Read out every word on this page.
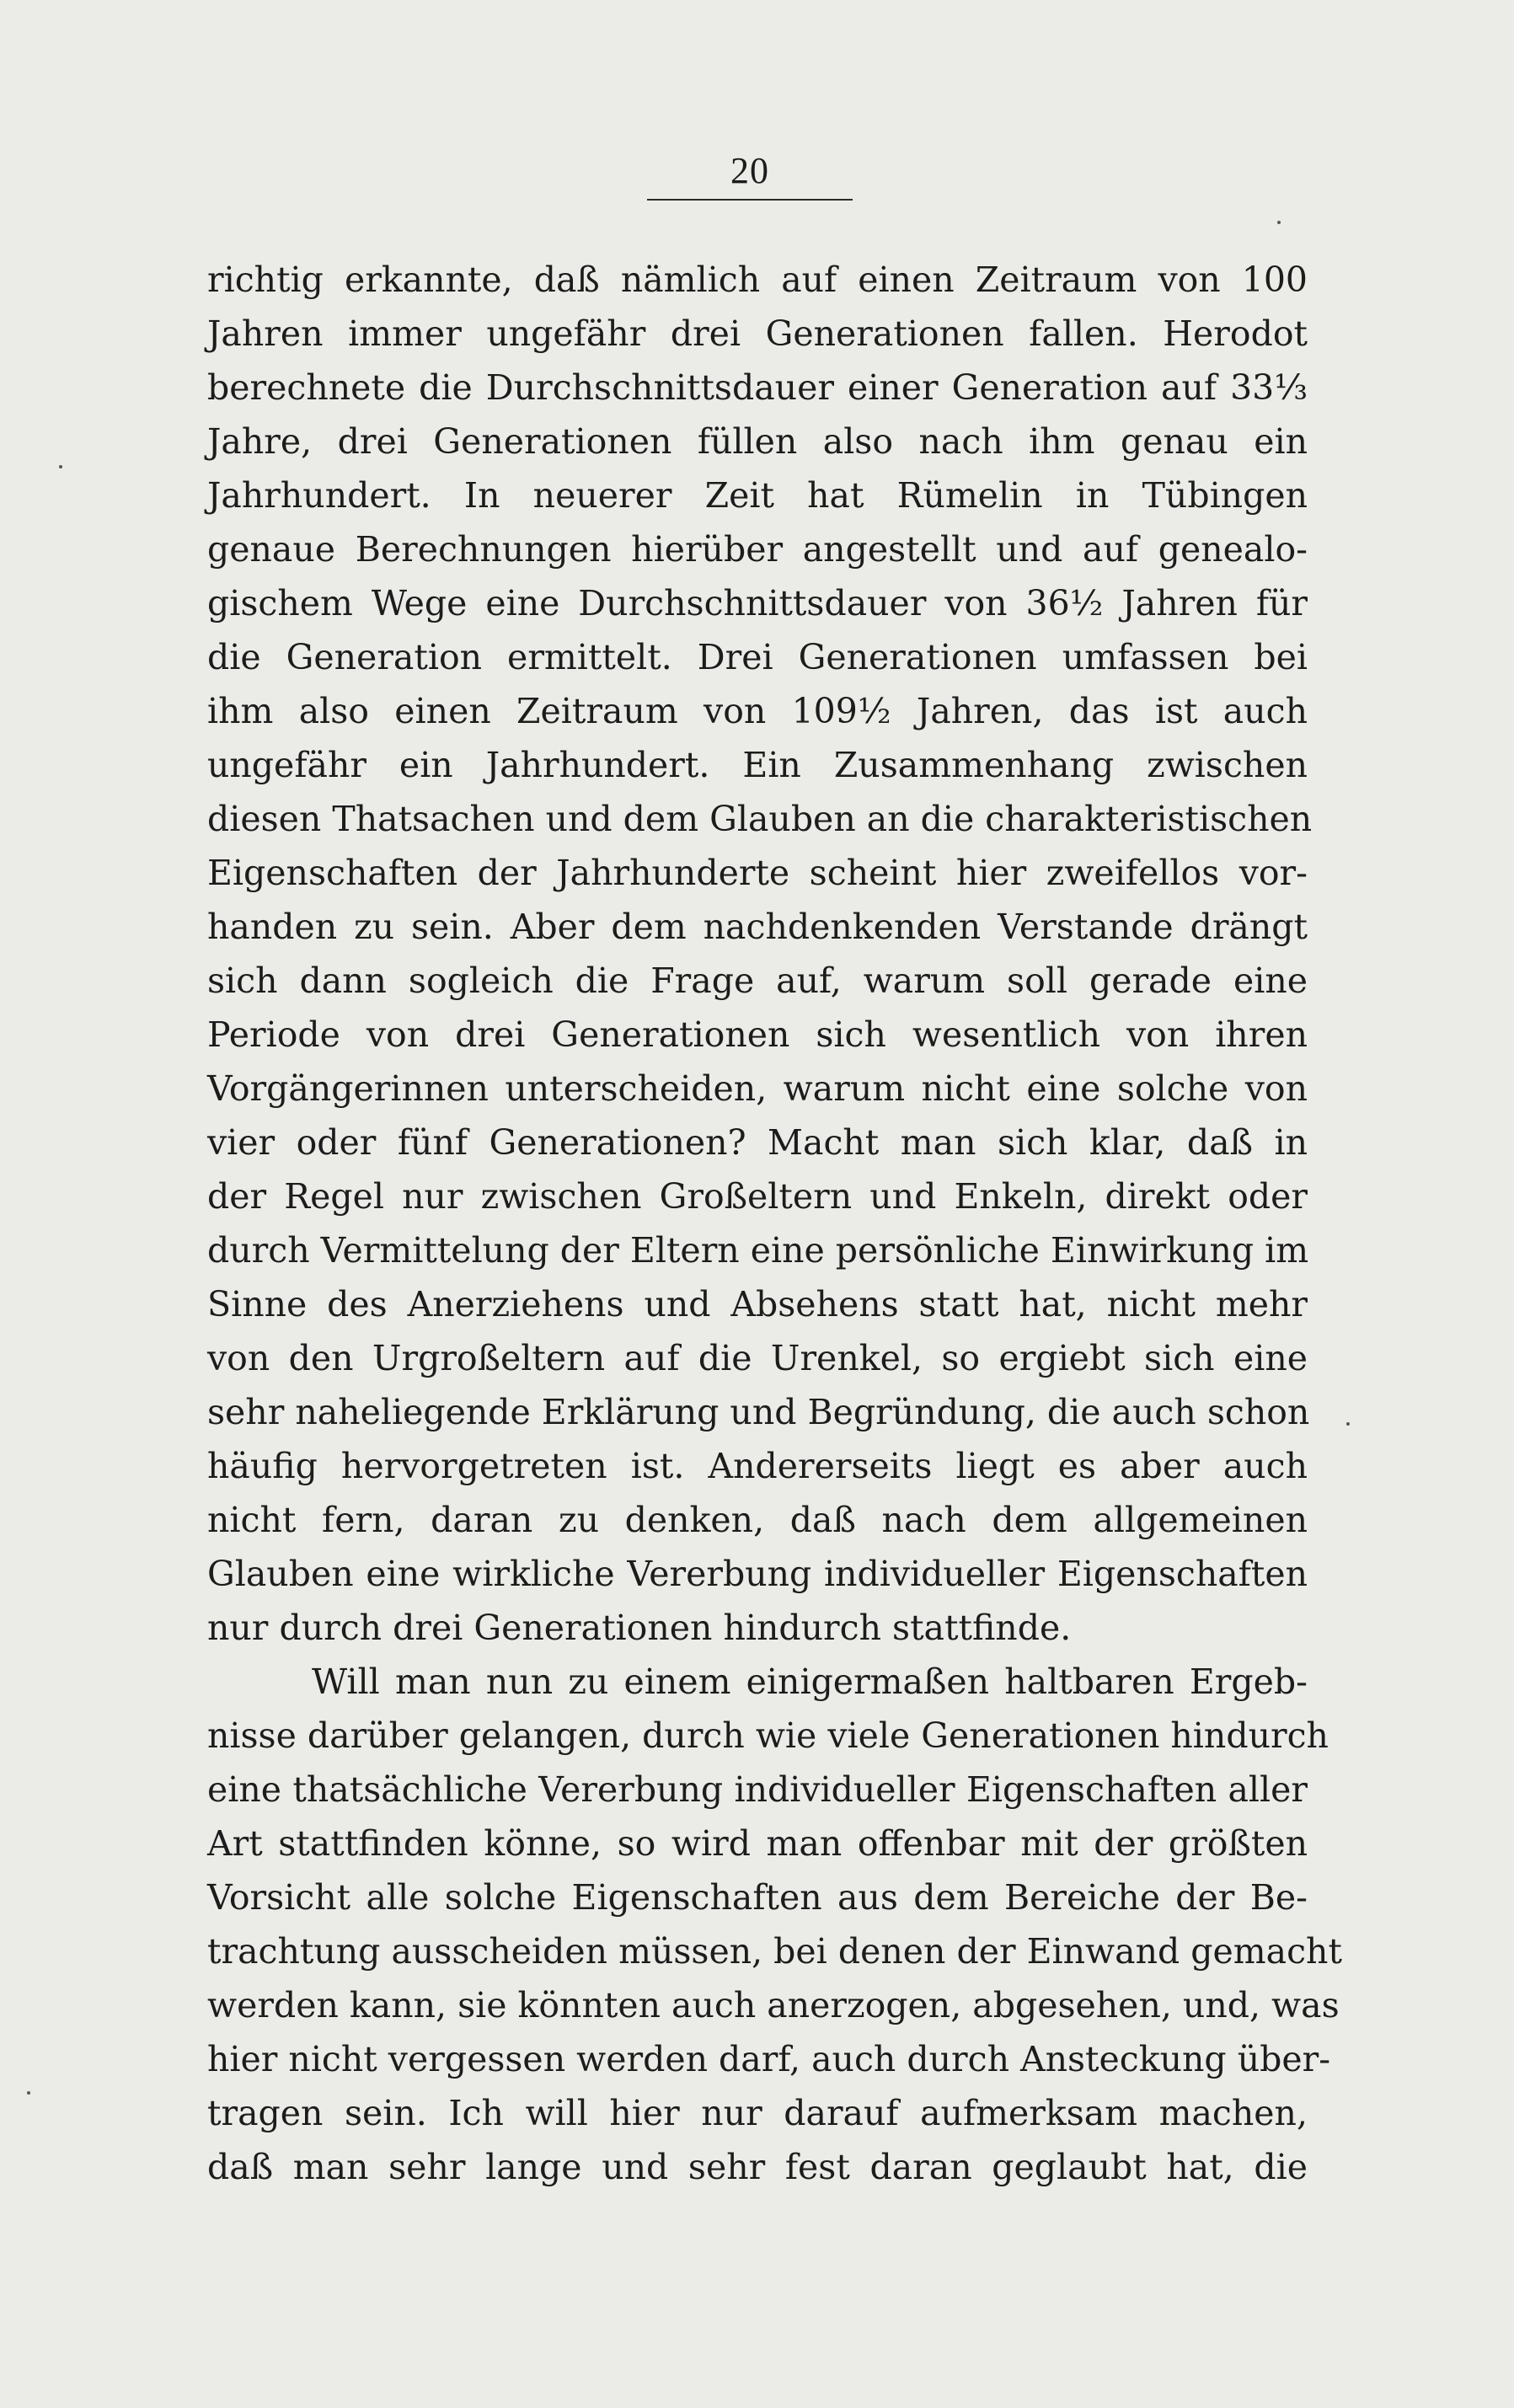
20
richtig erkannte, daß nämlich auf einen Zeitraum von 100
Jahren immer ungefähr drei Generationen fallen. Herodot
berechnete die Durchschnittsdauer einer Generation auf 33⅓
Jahre, drei Generationen füllen also nach ihm genau ein
Jahrhundert. In neuerer Zeit hat Rümelin in Tübingen
genaue Berechnungen hierüber angestellt und auf genealo-
gischem Wege eine Durchschnittsdauer von 36½ Jahren für
die Generation ermittelt. Drei Generationen umfassen bei
ihm also einen Zeitraum von 109½ Jahren, das ist auch
ungefähr ein Jahrhundert. Ein Zusammenhang zwischen
diesen Thatsachen und dem Glauben an die charakteristischen
Eigenschaften der Jahrhunderte scheint hier zweifellos vor-
handen zu sein. Aber dem nachdenkenden Verstande drängt
sich dann sogleich die Frage auf, warum soll gerade eine
Periode von drei Generationen sich wesentlich von ihren
Vorgängerinnen unterscheiden, warum nicht eine solche von
vier oder fünf Generationen? Macht man sich klar, daß in
der Regel nur zwischen Großeltern und Enkeln, direkt oder
durch Vermittelung der Eltern eine persönliche Einwirkung im
Sinne des Anerziehens und Absehens statt hat, nicht mehr
von den Urgroßeltern auf die Urenkel, so ergiebt sich eine
sehr naheliegende Erklärung und Begründung, die auch schon
häufig hervorgetreten ist. Andererseits liegt es aber auch
nicht fern, daran zu denken, daß nach dem allgemeinen
Glauben eine wirkliche Vererbung individueller Eigenschaften
nur durch drei Generationen hindurch stattfinde.
Will man nun zu einem einigermaßen haltbaren Ergeb-
nisse darüber gelangen, durch wie viele Generationen hindurch
eine thatsächliche Vererbung individueller Eigenschaften aller
Art stattfinden könne, so wird man offenbar mit der größten
Vorsicht alle solche Eigenschaften aus dem Bereiche der Be-
trachtung ausscheiden müssen, bei denen der Einwand gemacht
werden kann, sie könnten auch anerzogen, abgesehen, und, was
hier nicht vergessen werden darf, auch durch Ansteckung über-
tragen sein. Ich will hier nur darauf aufmerksam machen,
daß man sehr lange und sehr fest daran geglaubt hat, die
